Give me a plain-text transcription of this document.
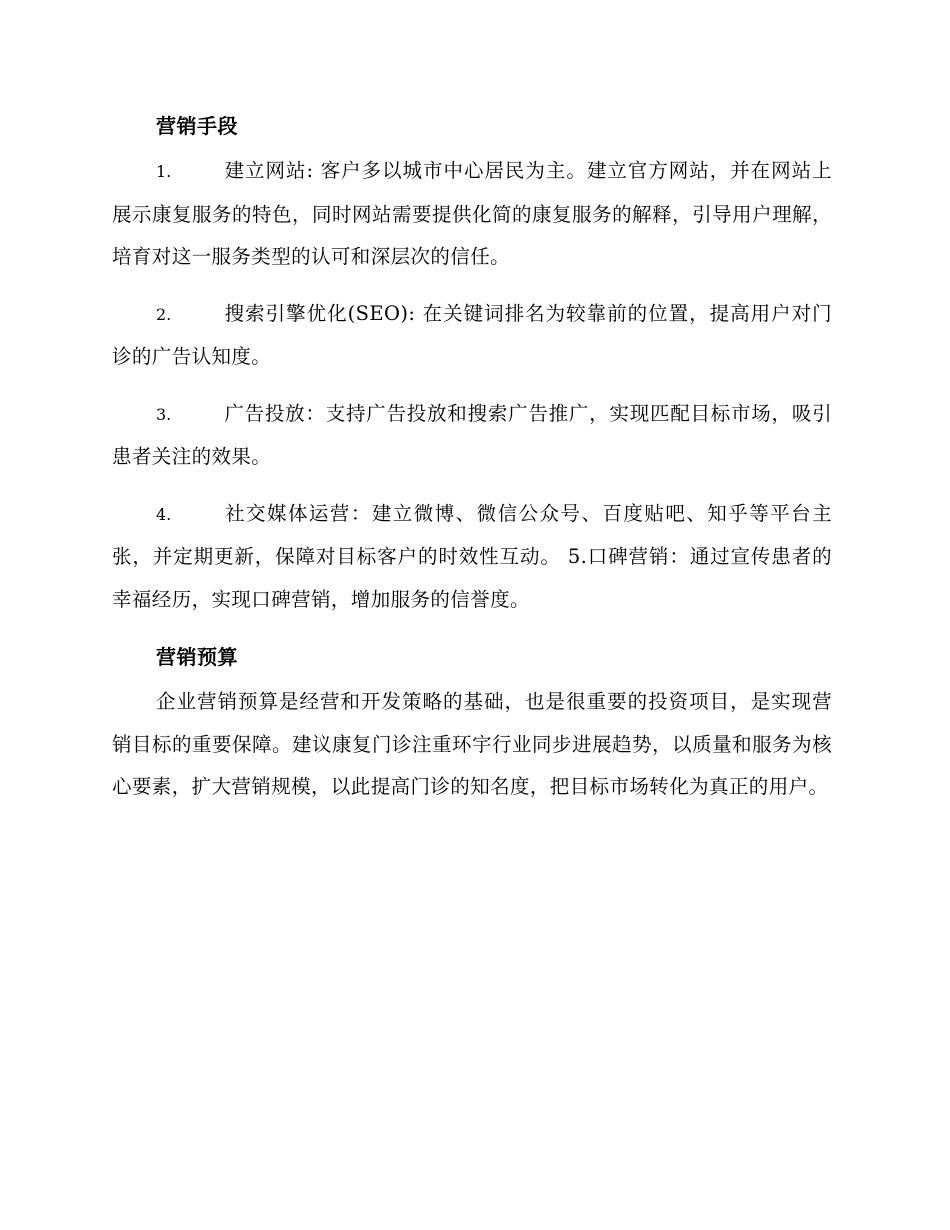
营销手段
1.	建立网站: 客户多以城市中心居民为主。建立官方网站，并在网站上展示康复服务的特色，同时网站需要提供化简的康复服务的解释，引导用户理解，培育对这一服务类型的认可和深层次的信任。
2.	搜索引擎优化(SEO): 在关键词排名为较靠前的位置，提高用户对门诊的广告认知度。
3.	广告投放：支持广告投放和搜索广告推广，实现匹配目标市场，吸引患者关注的效果。
4.	社交媒体运营：建立微博、微信公众号、百度贴吧、知乎等平台主张，并定期更新，保障对目标客户的时效性互动。 5.口碑营销：通过宣传患者的幸福经历，实现口碑营销，增加服务的信誉度。
营销预算
企业营销预算是经营和开发策略的基础，也是很重要的投资项目，是实现营销目标的重要保障。建议康复门诊注重环宇行业同步进展趋势，以质量和服务为核心要素，扩大营销规模，以此提高门诊的知名度，把目标市场转化为真正的用户。
